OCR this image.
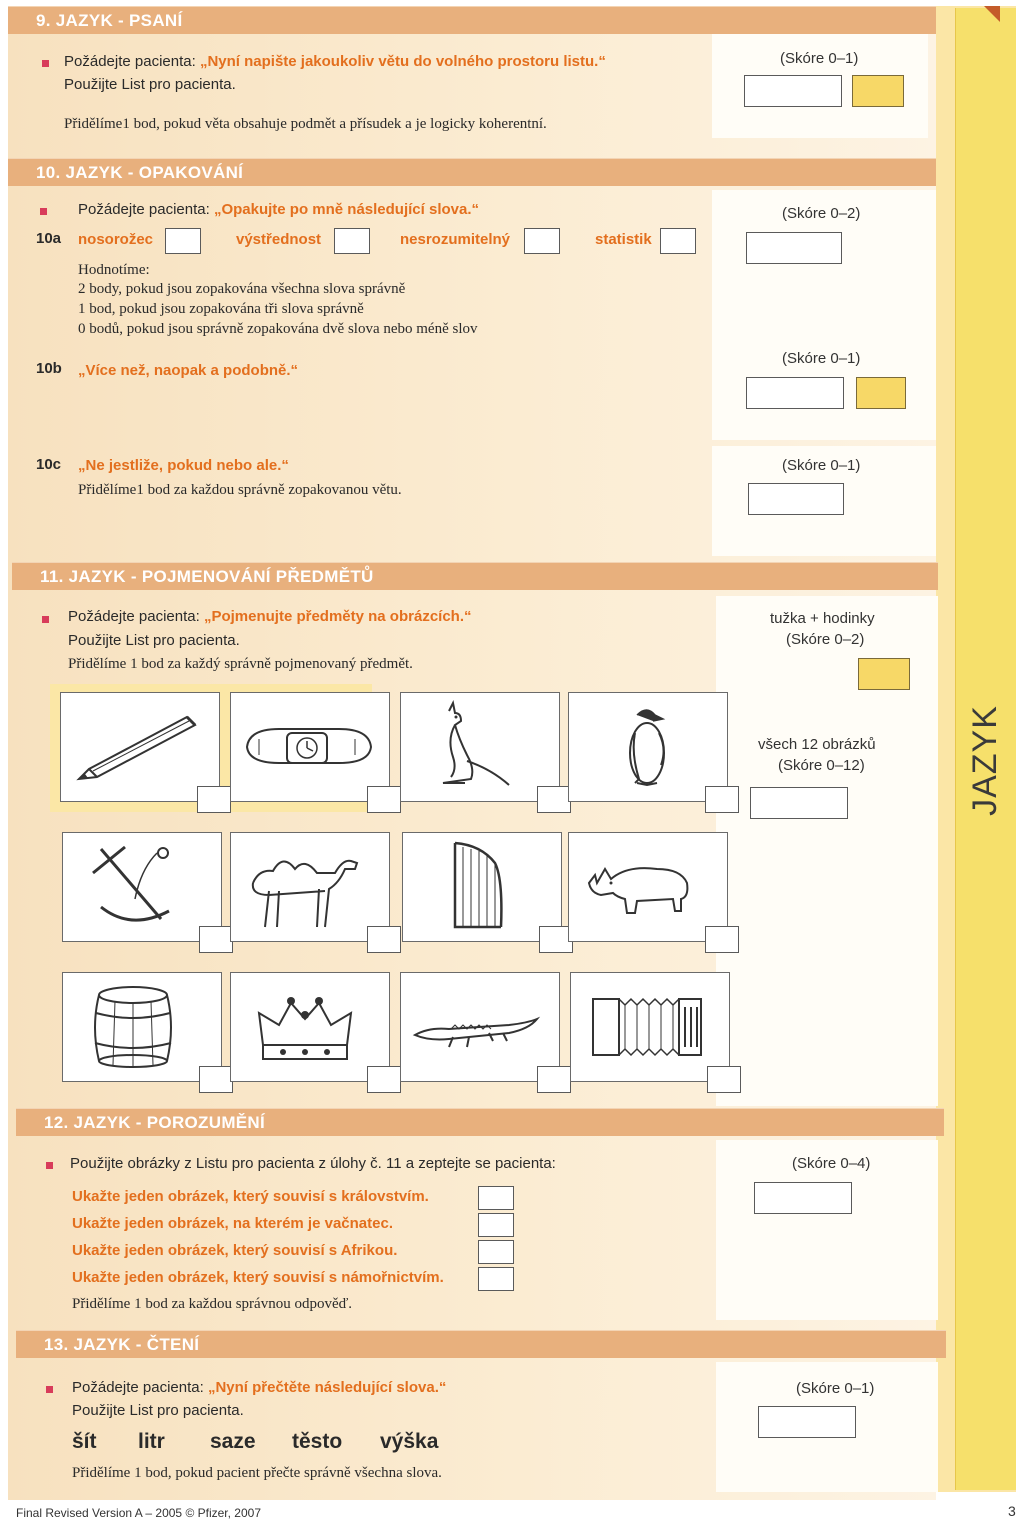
JAZYK
9. JAZYK - PSANÍ
Požádejte pacienta: „Nyní napište jakoukoliv větu do volného prostoru listu.“
Použijte List pro pacienta.
Přidělíme1 bod, pokud věta obsahuje podmět a přísudek a je logicky koherentní.
(Skóre 0–1)
10. JAZYK - OPAKOVÁNÍ
Požádejte pacienta: „Opakujte po mně následující slova.“
10a nosorožec	výstřednost	nesrozumitelný	statistik
Hodnotíme:
2 body, pokud jsou zopakována všechna slova správně
1 bod, pokud jsou zopakována tři slova správně
0 bodů, pokud jsou správně zopakována dvě slova nebo méně slov
(Skóre 0–2)
10b „Více než, naopak a podobně.“
(Skóre 0–1)
10c „Ne jestliže, pokud nebo ale.“
Přidělíme1 bod za každou správně zopakovanou větu.
(Skóre 0–1)
11. JAZYK - POJMENOVÁNÍ PŘEDMĚTŮ
Požádejte pacienta: „Pojmenujte předměty na obrázcích.“
Použijte List pro pacienta.
Přidělíme 1 bod za každý správně pojmenovaný předmět.
tužka + hodinky
(Skóre 0–2)
všech 12 obrázků
(Skóre 0–12)
12. JAZYK - POROZUMĚNÍ
Použijte obrázky z Listu pro pacienta z úlohy č. 11 a zeptejte se pacienta:
Ukažte jeden obrázek, který souvisí s královstvím.
Ukažte jeden obrázek, na kterém je vačnatec.
Ukažte jeden obrázek, který souvisí s Afrikou.
Ukažte jeden obrázek, který souvisí s námořnictvím.
Přidělíme 1 bod za každou správnou odpověď.
(Skóre 0–4)
13. JAZYK - ČTENÍ
Požádejte pacienta: „Nyní přečtěte následující slova.“
Použijte List pro pacienta.
šít litr saze těsto výška
Přidělíme 1 bod, pokud pacient přečte správně všechna slova.
(Skóre 0–1)
Final Revised Version A – 2005 © Pfizer, 2007	3
